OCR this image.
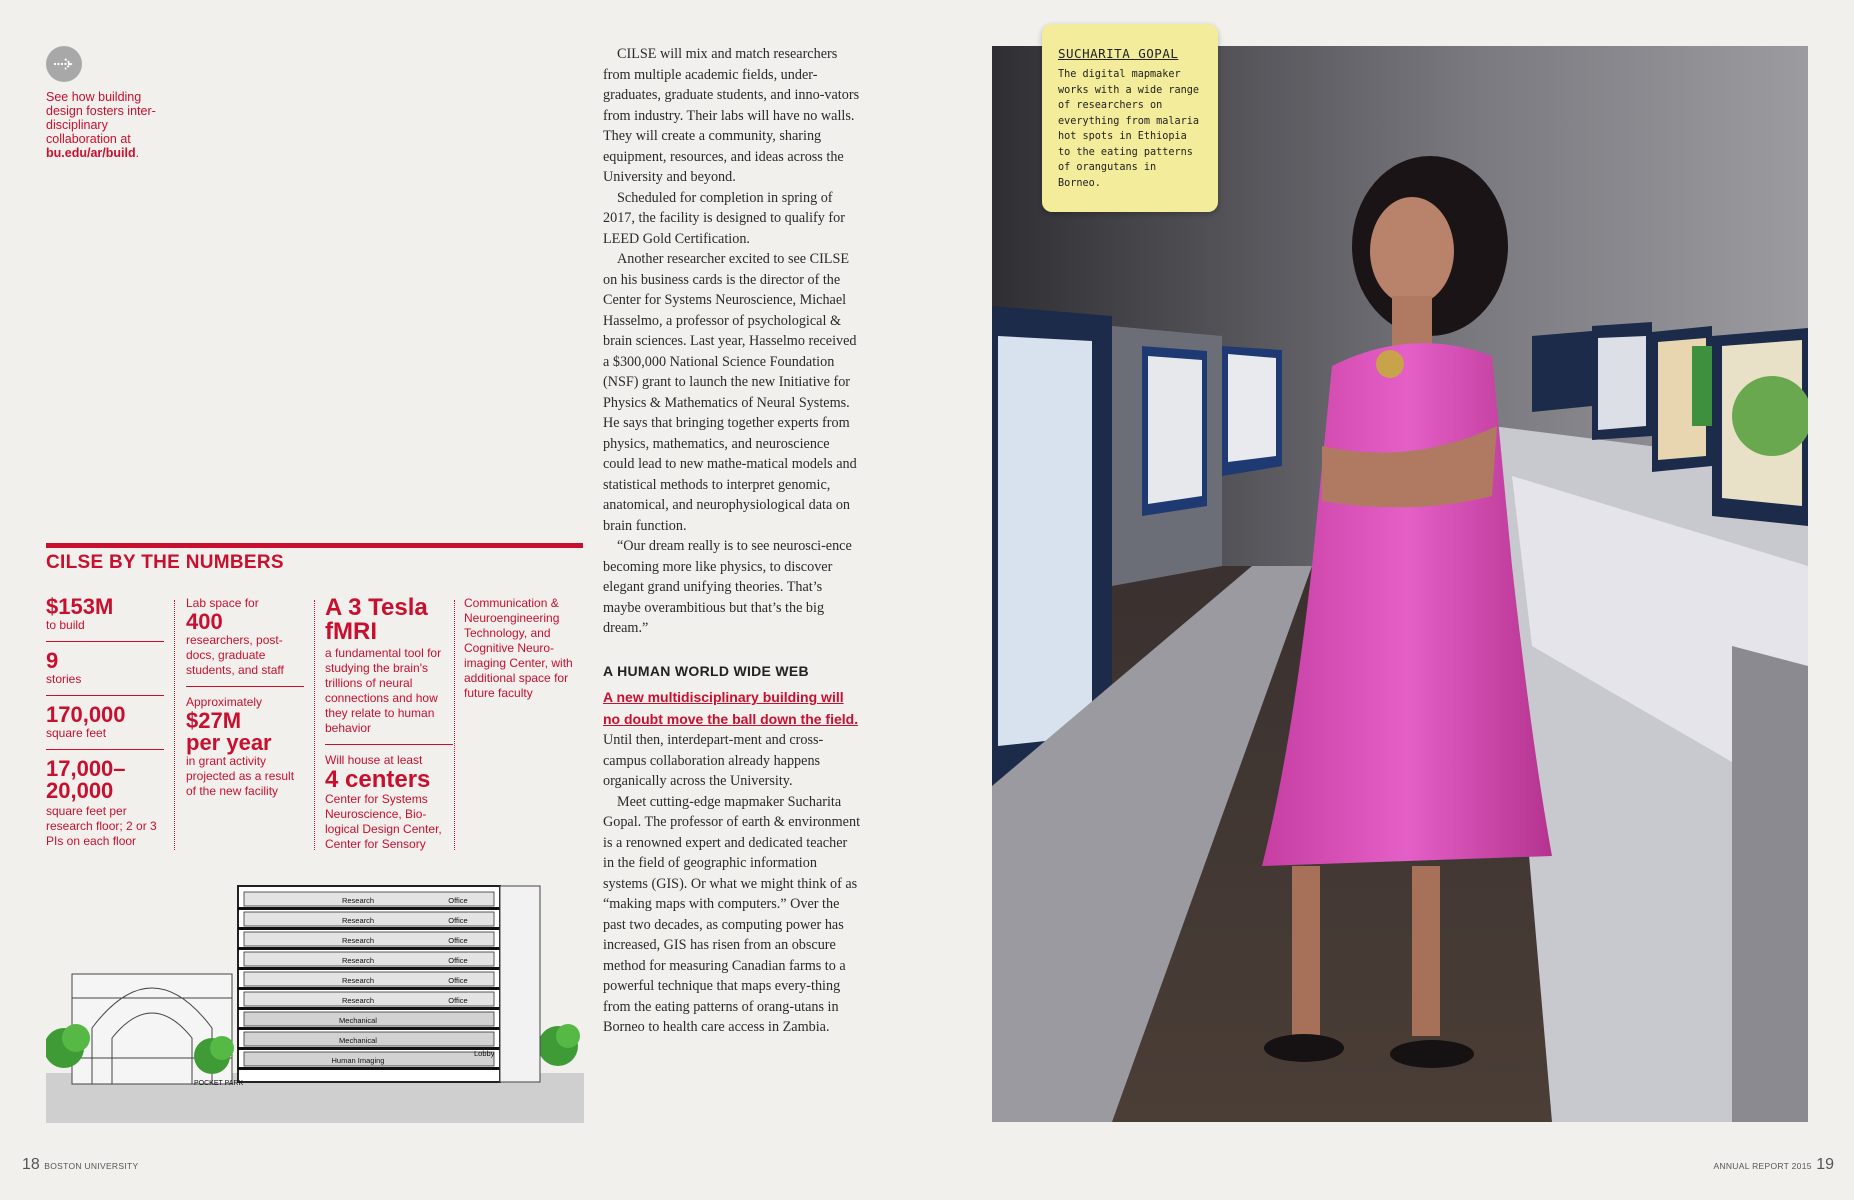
See how building design fosters inter-disciplinary collaboration at bu.edu/ar/build.
CILSE BY THE NUMBERS
$153M
to build
9
stories
170,000
square feet
17,000–20,000
square feet per research floor; 2 or 3 PIs on each floor
Lab space for
400
researchers, post-docs, graduate students, and staff
Approximately
$27M
per year
in grant activity projected as a result of the new facility
A 3 Tesla fMRI
a fundamental tool for studying the brain's trillions of neural connections and how they relate to human behavior
Will house at least
4 centers
Center for Systems Neuroscience, Bio-logical Design Center, Center for Sensory
Communication & Neuroengineering Technology, and Cognitive Neuro-imaging Center, with additional space for future faculty
Research	Office
Research	Office
Research	Office
Research	Office
Research	Office
Research	Office
Mechanical
Mechanical
Human Imaging
Lobby
POCKET PARK

CILSE will mix and match researchers from multiple academic fields, under-graduates, graduate students, and inno-vators from industry. Their labs will have no walls. They will create a community, sharing equipment, resources, and ideas across the University and beyond.

Scheduled for completion in spring of 2017, the facility is designed to qualify for LEED Gold Certification.

Another researcher excited to see CILSE on his business cards is the director of the Center for Systems Neuroscience, Michael Hasselmo, a professor of psychological & brain sciences. Last year, Hasselmo received a $300,000 National Science Foundation (NSF) grant to launch the new Initiative for Physics & Mathematics of Neural Systems. He says that bringing together experts from physics, mathematics, and neuroscience could lead to new mathe-matical models and statistical methods to interpret genomic, anatomical, and neurophysiological data on brain function.

“Our dream really is to see neurosci-ence becoming more like physics, to discover elegant grand unifying theories. That’s maybe overambitious but that’s the big dream.”

A HUMAN WORLD WIDE WEB

A new multidisciplinary building will no doubt move the ball down the field. Until then, interdepart-ment and cross-campus collaboration already happens organically across the University.

Meet cutting-edge mapmaker Sucharita Gopal. The professor of earth & environment is a renowned expert and dedicated teacher in the field of geographic information systems (GIS). Or what we might think of as “making maps with computers.” Over the past two decades, as computing power has increased, GIS has risen from an obscure method for measuring Canadian farms to a powerful technique that maps every-thing from the eating patterns of orang-utans in Borneo to health care access in Zambia.

SUCHARITA GOPAL
The digital mapmaker works with a wide range of researchers on everything from malaria hot spots in Ethiopia to the eating patterns of orangutans in Borneo.
18 BOSTON UNIVERSITY	ANNUAL REPORT 2015 19
